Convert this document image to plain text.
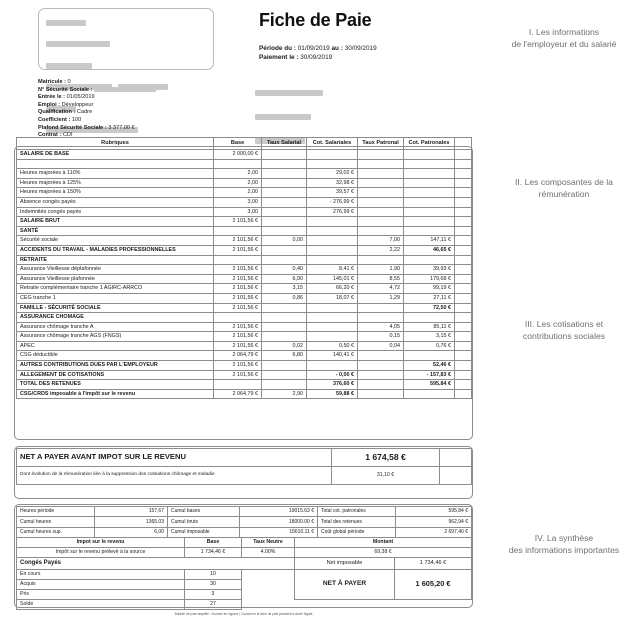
Fiche de Paie
Période du : 01/09/2019 au : 30/09/2019
Paiement le : 30/09/2019
Matricule : 0
N° Sécurité Sociale :
Entrée le : 01/05/2019
Emploi : Développeur
Qualification : Cadre
Coefficient : 100
Plafond Sécurité Sociale : 3 377,00 €
Contrat : CDI

Rubriques	Base	Taux Salarial	Cot. Salariales	Taux Patronal	Cot. Patronales	
SALAIRE DE BASE	2 000,00 €					

Heures majorées à 110%	2,00		29,02 €			
Heures majorées à 125%	2,00		32,98 €			
Heures majorées à 150%	2,00		39,57 €			
Absence congés payés	3,00		- 276,99 €			
Indemnités congés payés	3,00		276,99 €			
SALAIRE BRUT	2 101,56 €					
SANTÉ						
Sécurité sociale	2 101,56 €	0,00		7,00	147,11 €	
ACCIDENTS DU TRAVAIL - MALADIES PROFESSIONNELLES	2 101,56 €			2,22	46,65 €	
RETRAITE						
Assurance Vieillesse déplafonnée	2 101,56 €	0,40	8,41 €	1,90	39,93 €	
Assurance Vieillesse plafonnée	2 101,56 €	6,90	145,01 €	8,55	179,68 €	
Retraite complémentaire tranche 1 AGIRC-ARRCO	2 101,56 €	3,15	66,20 €	4,72	99,19 €	
CEG tranche 1	2 101,56 €	0,86	18,07 €	1,29	27,11 €	
FAMILLE - SÉCURITÉ SOCIALE	2 101,56 €				72,50 €	
ASSURANCE CHOMAGE						
Assurance chômage tranche A	2 101,56 €			4,05	85,11 €	
Assurance chômage tranche AGS (FNGS)	2 101,56 €			0,15	3,15 €	
APEC	2 101,56 €	0,02	0,50 €	0,04	0,76 €	
CSG déductible	2 064,79 €	6,80	140,41 €			
AUTRES CONTRIBUTIONS DUES PAR L'EMPLOYEUR	2 101,56 €				52,46 €	
ALLEGEMENT DE COTISATIONS	2 101,56 €		- 0,00 €		- 157,83 €	
TOTAL DES RETENUES			376,60 €		595,84 €	
CSG/CRDS imposable à l'impôt sur le revenu	2 064,79 €	2,90	59,88 €			
NET A PAYER AVANT IMPOT SUR LE REVENU	1 674,58 €	
Dont évolution de la rémunération liée à la suppression des cotisations chômage et maladie	31,10 €	
Heures période	157,67	Cumul bases	19015.63 €	Total cot. patronales	595,84 €
Cumul heures	1365.03	Cumul bruts	18000.00 €	Total des retenues	962,94 €
Cumul heures sup.	6,00	Cumul imposable	15610.11 €	Coût global période	2 697,40 €
Impot sur le revenu	Base	Taux Neutre	Montant	
Impôt sur le revenu prélevé à la source	1 734,46 €	4.00%	69,38 €	
Congés Payés			Net imposable	1 734,46 €
En cours	10		NET À PAYER	1 605,20 €
Acquis	30			
Pris	3			
Solde	27			
Bulletin de paie simplifié - Normes en vigueur | Conserver la fiche de paie pendant la durée légale.
I. Les informations
de l'employeur et du salarié
II. Les composantes de la
rémunération
III. Les cotisations et
contributions sociales
IV. La synthèse
des informations importantes
